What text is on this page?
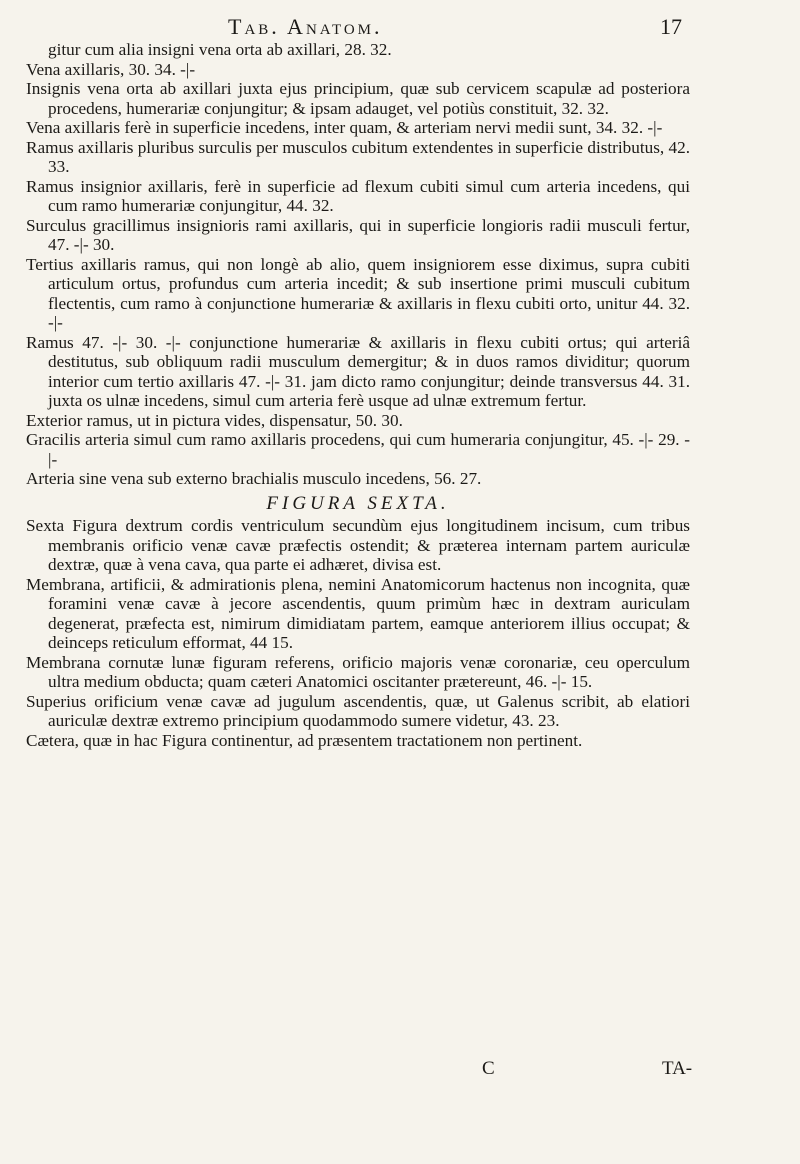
Tab. Anatom.	17

gitur cum alia insigni vena orta ab axillari, 28. 32.

Vena axillaris, 30. 34. -|-

Insignis vena orta ab axillari juxta ejus principium, quæ sub cervicem scapulæ ad posteriora procedens, humerariæ conjungitur; & ipsam adauget, vel potiùs constituit, 32. 32.

Vena axillaris ferè in superficie incedens, inter quam, & arteriam nervi medii sunt, 34. 32. -|-

Ramus axillaris pluribus surculis per musculos cubitum extendentes in superficie distributus, 42. 33.

Ramus insignior axillaris, ferè in superficie ad flexum cubiti simul cum arteria incedens, qui cum ramo humerariæ conjungitur, 44. 32.

Surculus gracillimus insignioris rami axillaris, qui in superficie longioris radii musculi fertur, 47. -|- 30.

Tertius axillaris ramus, qui non longè ab alio, quem insigniorem esse diximus, supra cubiti articulum ortus, profundus cum arteria incedit; & sub insertione primi musculi cubitum flectentis, cum ramo à conjunctione humerariæ & axillaris in flexu cubiti orto, unitur 44. 32. -|-

Ramus 47. -|- 30. -|- conjunctione humerariæ & axillaris in flexu cubiti ortus; qui arteriâ destitutus, sub obliquum radii musculum demergitur; & in duos ramos dividitur; quorum interior cum tertio axillaris 47. -|- 31. jam dicto ramo conjungitur; deinde transversus 44. 31. juxta os ulnæ incedens, simul cum arteria ferè usque ad ulnæ extremum fertur.

Exterior ramus, ut in pictura vides, dispensatur, 50. 30.

Gracilis arteria simul cum ramo axillaris procedens, qui cum humeraria conjungitur, 45. -|- 29. -|-

Arteria sine vena sub externo brachialis musculo incedens, 56. 27.

FIGURA SEXTA.

Sexta Figura dextrum cordis ventriculum secundùm ejus longitudinem incisum, cum tribus membranis orificio venæ cavæ præfectis ostendit; & præterea internam partem auriculæ dextræ, quæ à vena cava, qua parte ei adhæret, divisa est.

Membrana, artificii, & admirationis plena, nemini Anatomicorum hactenus non incognita, quæ foramini venæ cavæ à jecore ascendentis, quum primùm hæc in dextram auriculam degenerat, præfecta est, nimirum dimidiatam partem, eamque anteriorem illius occupat; & deinceps reticulum efformat, 44 15.

Membrana cornutæ lunæ figuram referens, orificio majoris venæ coronariæ, ceu operculum ultra medium obducta; quam cæteri Anatomici oscitanter prætereunt, 46. -|- 15.

Superius orificium venæ cavæ ad jugulum ascendentis, quæ, ut Galenus scribit, ab elatiori auriculæ dextræ extremo principium quodammodo sumere videtur, 43. 23.

Cætera, quæ in hac Figura continentur, ad præsentem tractationem non pertinent.

C	TA-
